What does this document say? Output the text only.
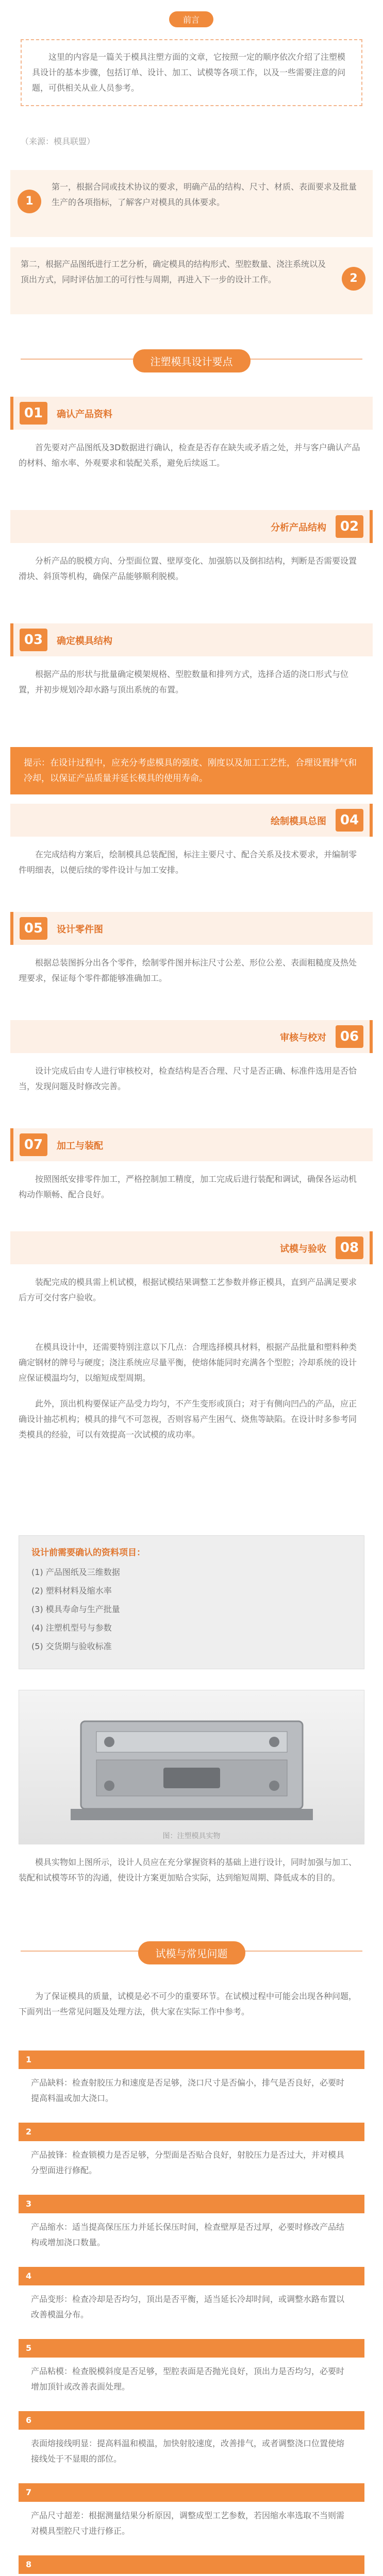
前言

这里的内容是一篇关于模具注塑方面的文章，它按照一定的顺序依次介绍了注塑模具设计的基本步骤，包括订单、设计、加工、试模等各项工作，以及一些需要注意的问题，可供相关从业人员参考。

（来源：模具联盟）

1

第一，根据合同或技术协议的要求，明确产品的结构、尺寸、材质、表面要求及批量生产的各项指标，了解客户对模具的具体要求。

2

第二，根据产品图纸进行工艺分析，确定模具的结构形式、型腔数量、浇注系统以及顶出方式，同时评估加工的可行性与周期，再进入下一步的设计工作。

注塑模具设计要点
01	确认产品资料

首先要对产品图纸及3D数据进行确认，检查是否存在缺失或矛盾之处，并与客户确认产品的材料、缩水率、外观要求和装配关系，避免后续返工。

02
分析产品结构

分析产品的脱模方向、分型面位置、壁厚变化、加强筋以及倒扣结构，判断是否需要设置滑块、斜顶等机构，确保产品能够顺利脱模。

03	确定模具结构

根据产品的形状与批量确定模架规格、型腔数量和排列方式，选择合适的浇口形式与位置，并初步规划冷却水路与顶出系统的布置。

提示：在设计过程中，应充分考虑模具的强度、刚度以及加工工艺性，合理设置排气和冷却，以保证产品质量并延长模具的使用寿命。
04
绘制模具总图

在完成结构方案后，绘制模具总装配图，标注主要尺寸、配合关系及技术要求，并编制零件明细表，以便后续的零件设计与加工安排。

05	设计零件图

根据总装图拆分出各个零件，绘制零件图并标注尺寸公差、形位公差、表面粗糙度及热处理要求，保证每个零件都能够准确加工。

06
审核与校对

设计完成后由专人进行审核校对，检查结构是否合理、尺寸是否正确、标准件选用是否恰当，发现问题及时修改完善。

07	加工与装配

按照图纸安排零件加工，严格控制加工精度，加工完成后进行装配和调试，确保各运动机构动作顺畅、配合良好。

08
试模与验收

装配完成的模具需上机试模，根据试模结果调整工艺参数并修正模具，直到产品满足要求后方可交付客户验收。

在模具设计中，还需要特别注意以下几点：合理选择模具材料，根据产品批量和塑料种类确定钢材的牌号与硬度；浇注系统应尽量平衡，使熔体能同时充满各个型腔；冷却系统的设计应保证模温均匀，以缩短成型周期。

此外，顶出机构要保证产品受力均匀，不产生变形或顶白；对于有侧向凹凸的产品，应正确设计抽芯机构；模具的排气不可忽视，否则容易产生困气、烧焦等缺陷。在设计时多参考同类模具的经验，可以有效提高一次试模的成功率。

设计前需要确认的资料项目：

(1) 产品图纸及三维数据

(2) 塑料材料及缩水率

(3) 模具寿命与生产批量

(4) 注塑机型号与参数

(5) 交货期与验收标准

图：注塑模具实物

模具实物如上图所示，设计人员应在充分掌握资料的基础上进行设计，同时加强与加工、装配和试模等环节的沟通，使设计方案更加贴合实际，达到缩短周期、降低成本的目的。

试模与常见问题

为了保证模具的质量，试模是必不可少的重要环节。在试模过程中可能会出现各种问题，下面列出一些常见问题及处理方法，供大家在实际工作中参考。

1
产品缺料：检查射胶压力和速度是否足够，浇口尺寸是否偏小，排气是否良好，必要时提高料温或加大浇口。
2
产品披锋：检查锁模力是否足够，分型面是否贴合良好，射胶压力是否过大，并对模具分型面进行修配。
3
产品缩水：适当提高保压压力并延长保压时间，检查壁厚是否过厚，必要时修改产品结构或增加浇口数量。
4
产品变形：检查冷却是否均匀，顶出是否平衡，适当延长冷却时间，或调整水路布置以改善模温分布。
5
产品粘模：检查脱模斜度是否足够，型腔表面是否抛光良好，顶出力是否均匀，必要时增加顶针或改善表面处理。
6
表面熔接线明显：提高料温和模温，加快射胶速度，改善排气，或者调整浇口位置使熔接线处于不显眼的部位。
7
产品尺寸超差：根据测量结果分析原因，调整成型工艺参数，若因缩水率选取不当则需对模具型腔尺寸进行修正。
8
